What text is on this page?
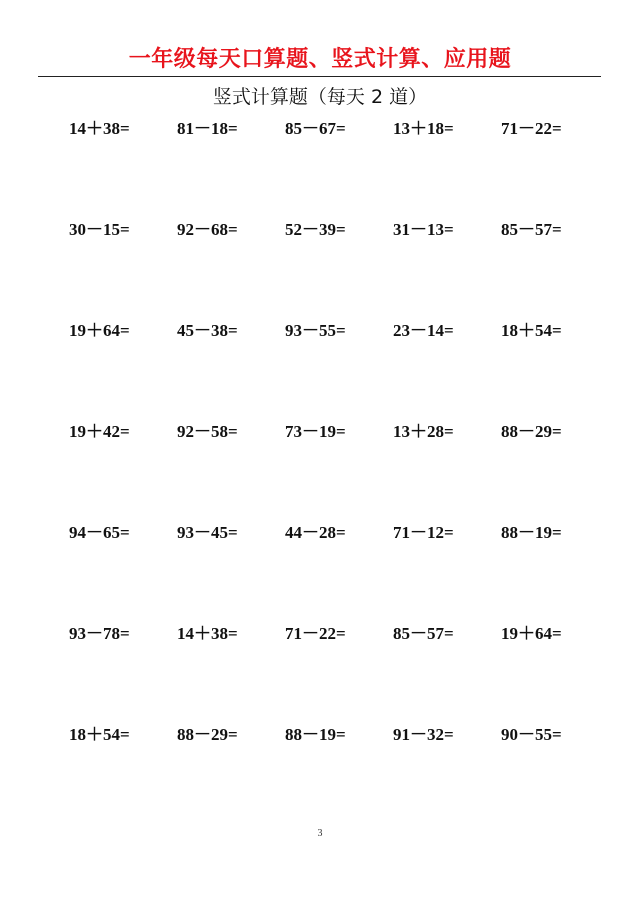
一年级每天口算题、竖式计算、应用题
竖式计算题（每天 2 道）
14＋38=	81－18=	85－67=	13＋18=	71－22=
30－15=	92－68=	52－39=	31－13=	85－57=
19＋64=	45－38=	93－55=	23－14=	18＋54=
19＋42=	92－58=	73－19=	13＋28=	88－29=
94－65=	93－45=	44－28=	71－12=	88－19=
93－78=	14＋38=	71－22=	85－57=	19＋64=
18＋54=	88－29=	88－19=	91－32=	90－55=
3
